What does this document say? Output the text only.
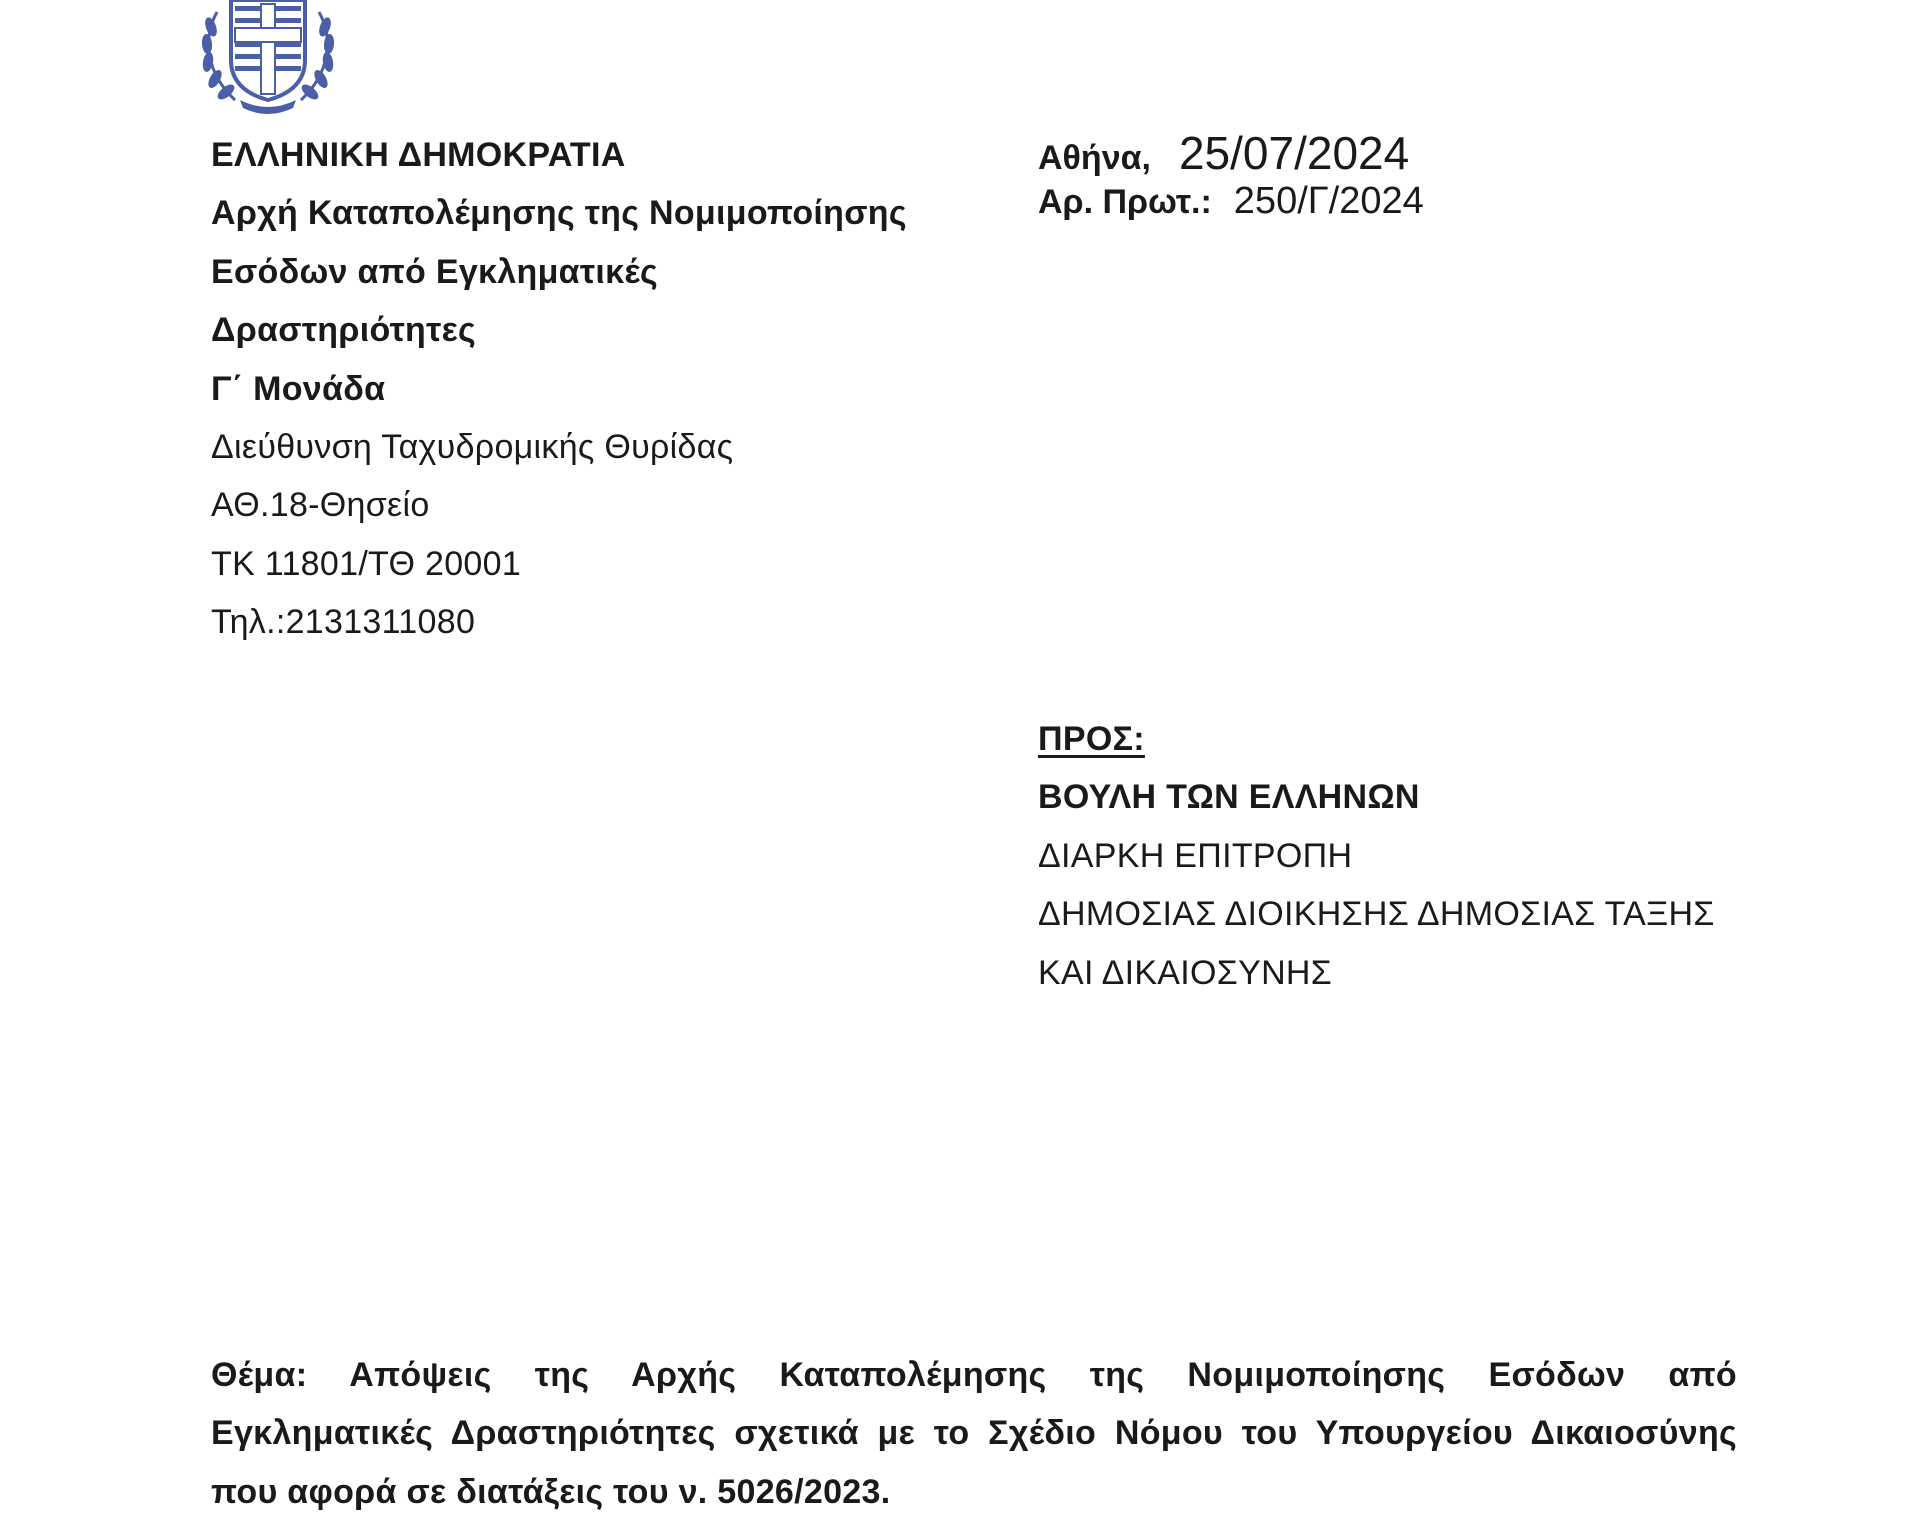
ΕΛΛΗΝΙΚΗ ΔΗΜΟΚΡΑΤΙΑ
Αρχή Καταπολέμησης της Νομιμοποίησης
Εσόδων από Εγκληματικές
Δραστηριότητες
Γ΄ Μονάδα
Διεύθυνση Ταχυδρομικής Θυρίδας
ΑΘ.18-Θησείο
ΤΚ 11801/ΤΘ 20001
Τηλ.:2131311080
Αθήνα, 25/07/2024
Αρ. Πρωτ.: 250/Γ/2024
ΠΡΟΣ:
ΒΟΥΛΗ ΤΩΝ ΕΛΛΗΝΩΝ
ΔΙΑΡΚΗ ΕΠΙΤΡΟΠΗ
ΔΗΜΟΣΙΑΣ ΔΙΟΙΚΗΣΗΣ ΔΗΜΟΣΙΑΣ ΤΑΞΗΣ
ΚΑΙ ΔΙΚΑΙΟΣΥΝΗΣ
Θέμα: Απόψεις της Αρχής Καταπολέμησης της Νομιμοποίησης Εσόδων από
Εγκληματικές Δραστηριότητες σχετικά με το Σχέδιο Νόμου του Υπουργείου Δικαιοσύνης
που αφορά σε διατάξεις του ν. 5026/2023.
